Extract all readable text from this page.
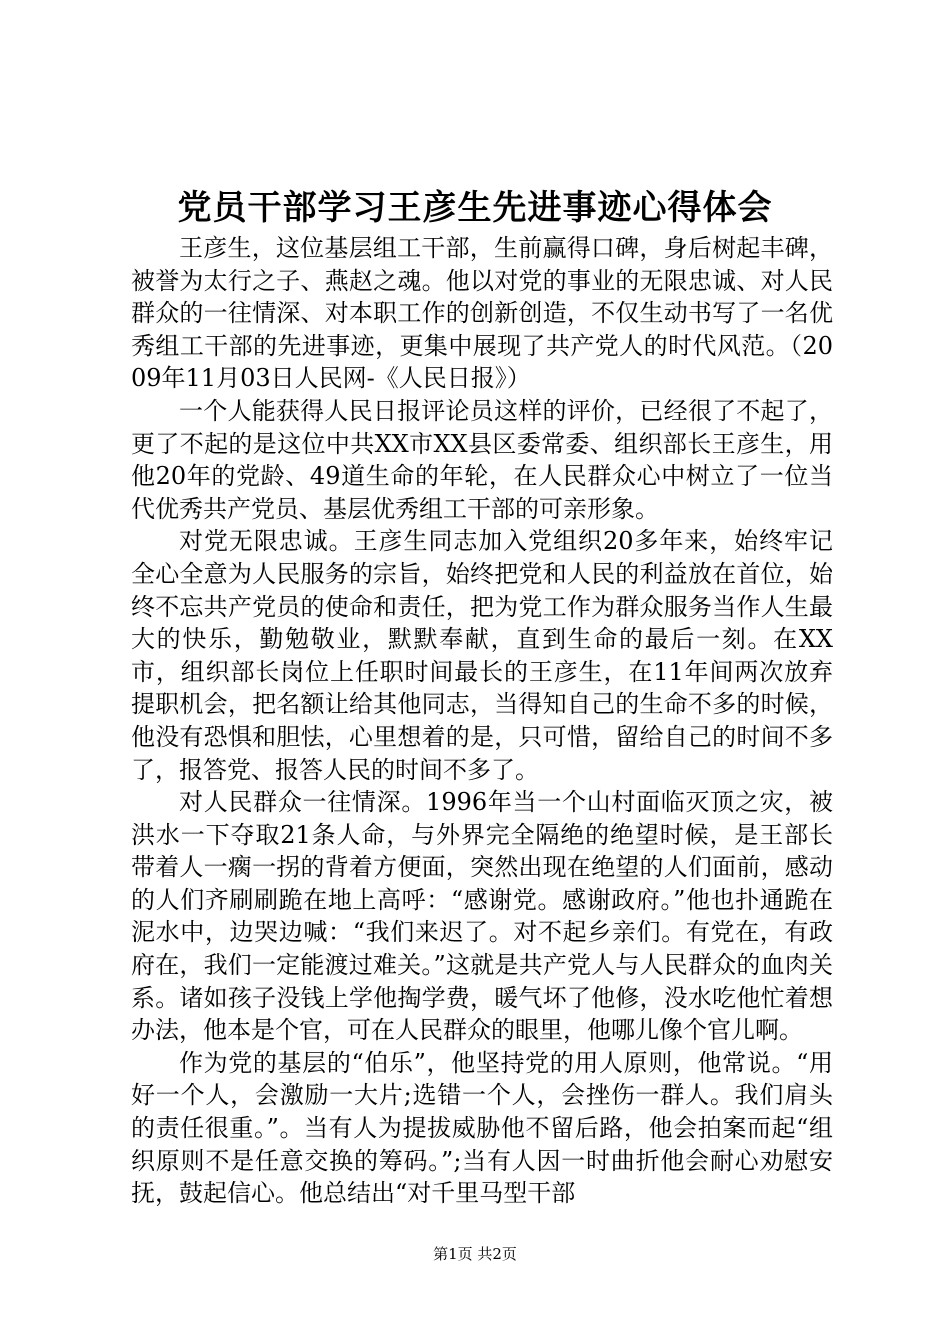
党员干部学习王彦生先进事迹心得体会

王彦生，这位基层组工干部，生前赢得口碑，身后树起丰碑，被誉为太行之子、燕赵之魂。他以对党的事业的无限忠诚、对人民群众的一往情深、对本职工作的创新创造，不仅生动书写了一名优秀组工干部的先进事迹，更集中展现了共产党人的时代风范。（2009年11月03日人民网-《人民日报》）

一个人能获得人民日报评论员这样的评价，已经很了不起了，更了不起的是这位中共XX市XX县区委常委、组织部长王彦生，用他20年的党龄、49道生命的年轮，在人民群众心中树立了一位当代优秀共产党员、基层优秀组工干部的可亲形象。

对党无限忠诚。王彦生同志加入党组织20多年来，始终牢记全心全意为人民服务的宗旨，始终把党和人民的利益放在首位，始终不忘共产党员的使命和责任，把为党工作为群众服务当作人生最大的快乐，勤勉敬业，默默奉献，直到生命的最后一刻。在XX市，组织部长岗位上任职时间最长的王彦生，在11年间两次放弃提职机会，把名额让给其他同志，当得知自己的生命不多的时候，他没有恐惧和胆怯，心里想着的是，只可惜，留给自己的时间不多了，报答党、报答人民的时间不多了。

对人民群众一往情深。1996年当一个山村面临灭顶之灾，被洪水一下夺取21条人命，与外界完全隔绝的绝望时候，是王部长带着人一瘸一拐的背着方便面，突然出现在绝望的人们面前，感动的人们齐刷刷跪在地上高呼：“感谢党。感谢政府。”他也扑通跪在泥水中，边哭边喊：“我们来迟了。对不起乡亲们。有党在，有政府在，我们一定能渡过难关。”这就是共产党人与人民群众的血肉关系。诸如孩子没钱上学他掏学费，暖气坏了他修，没水吃他忙着想办法，他本是个官，可在人民群众的眼里，他哪儿像个官儿啊。

作为党的基层的“伯乐”，他坚持党的用人原则，他常说。“用好一个人，会激励一大片;选错一个人，会挫伤一群人。我们肩头的责任很重。”。当有人为提拔威胁他不留后路，他会拍案而起“组织原则不是任意交换的筹码。”;当有人因一时曲折他会耐心劝慰安抚，鼓起信心。他总结出“对千里马型干部

第1页 共2页
